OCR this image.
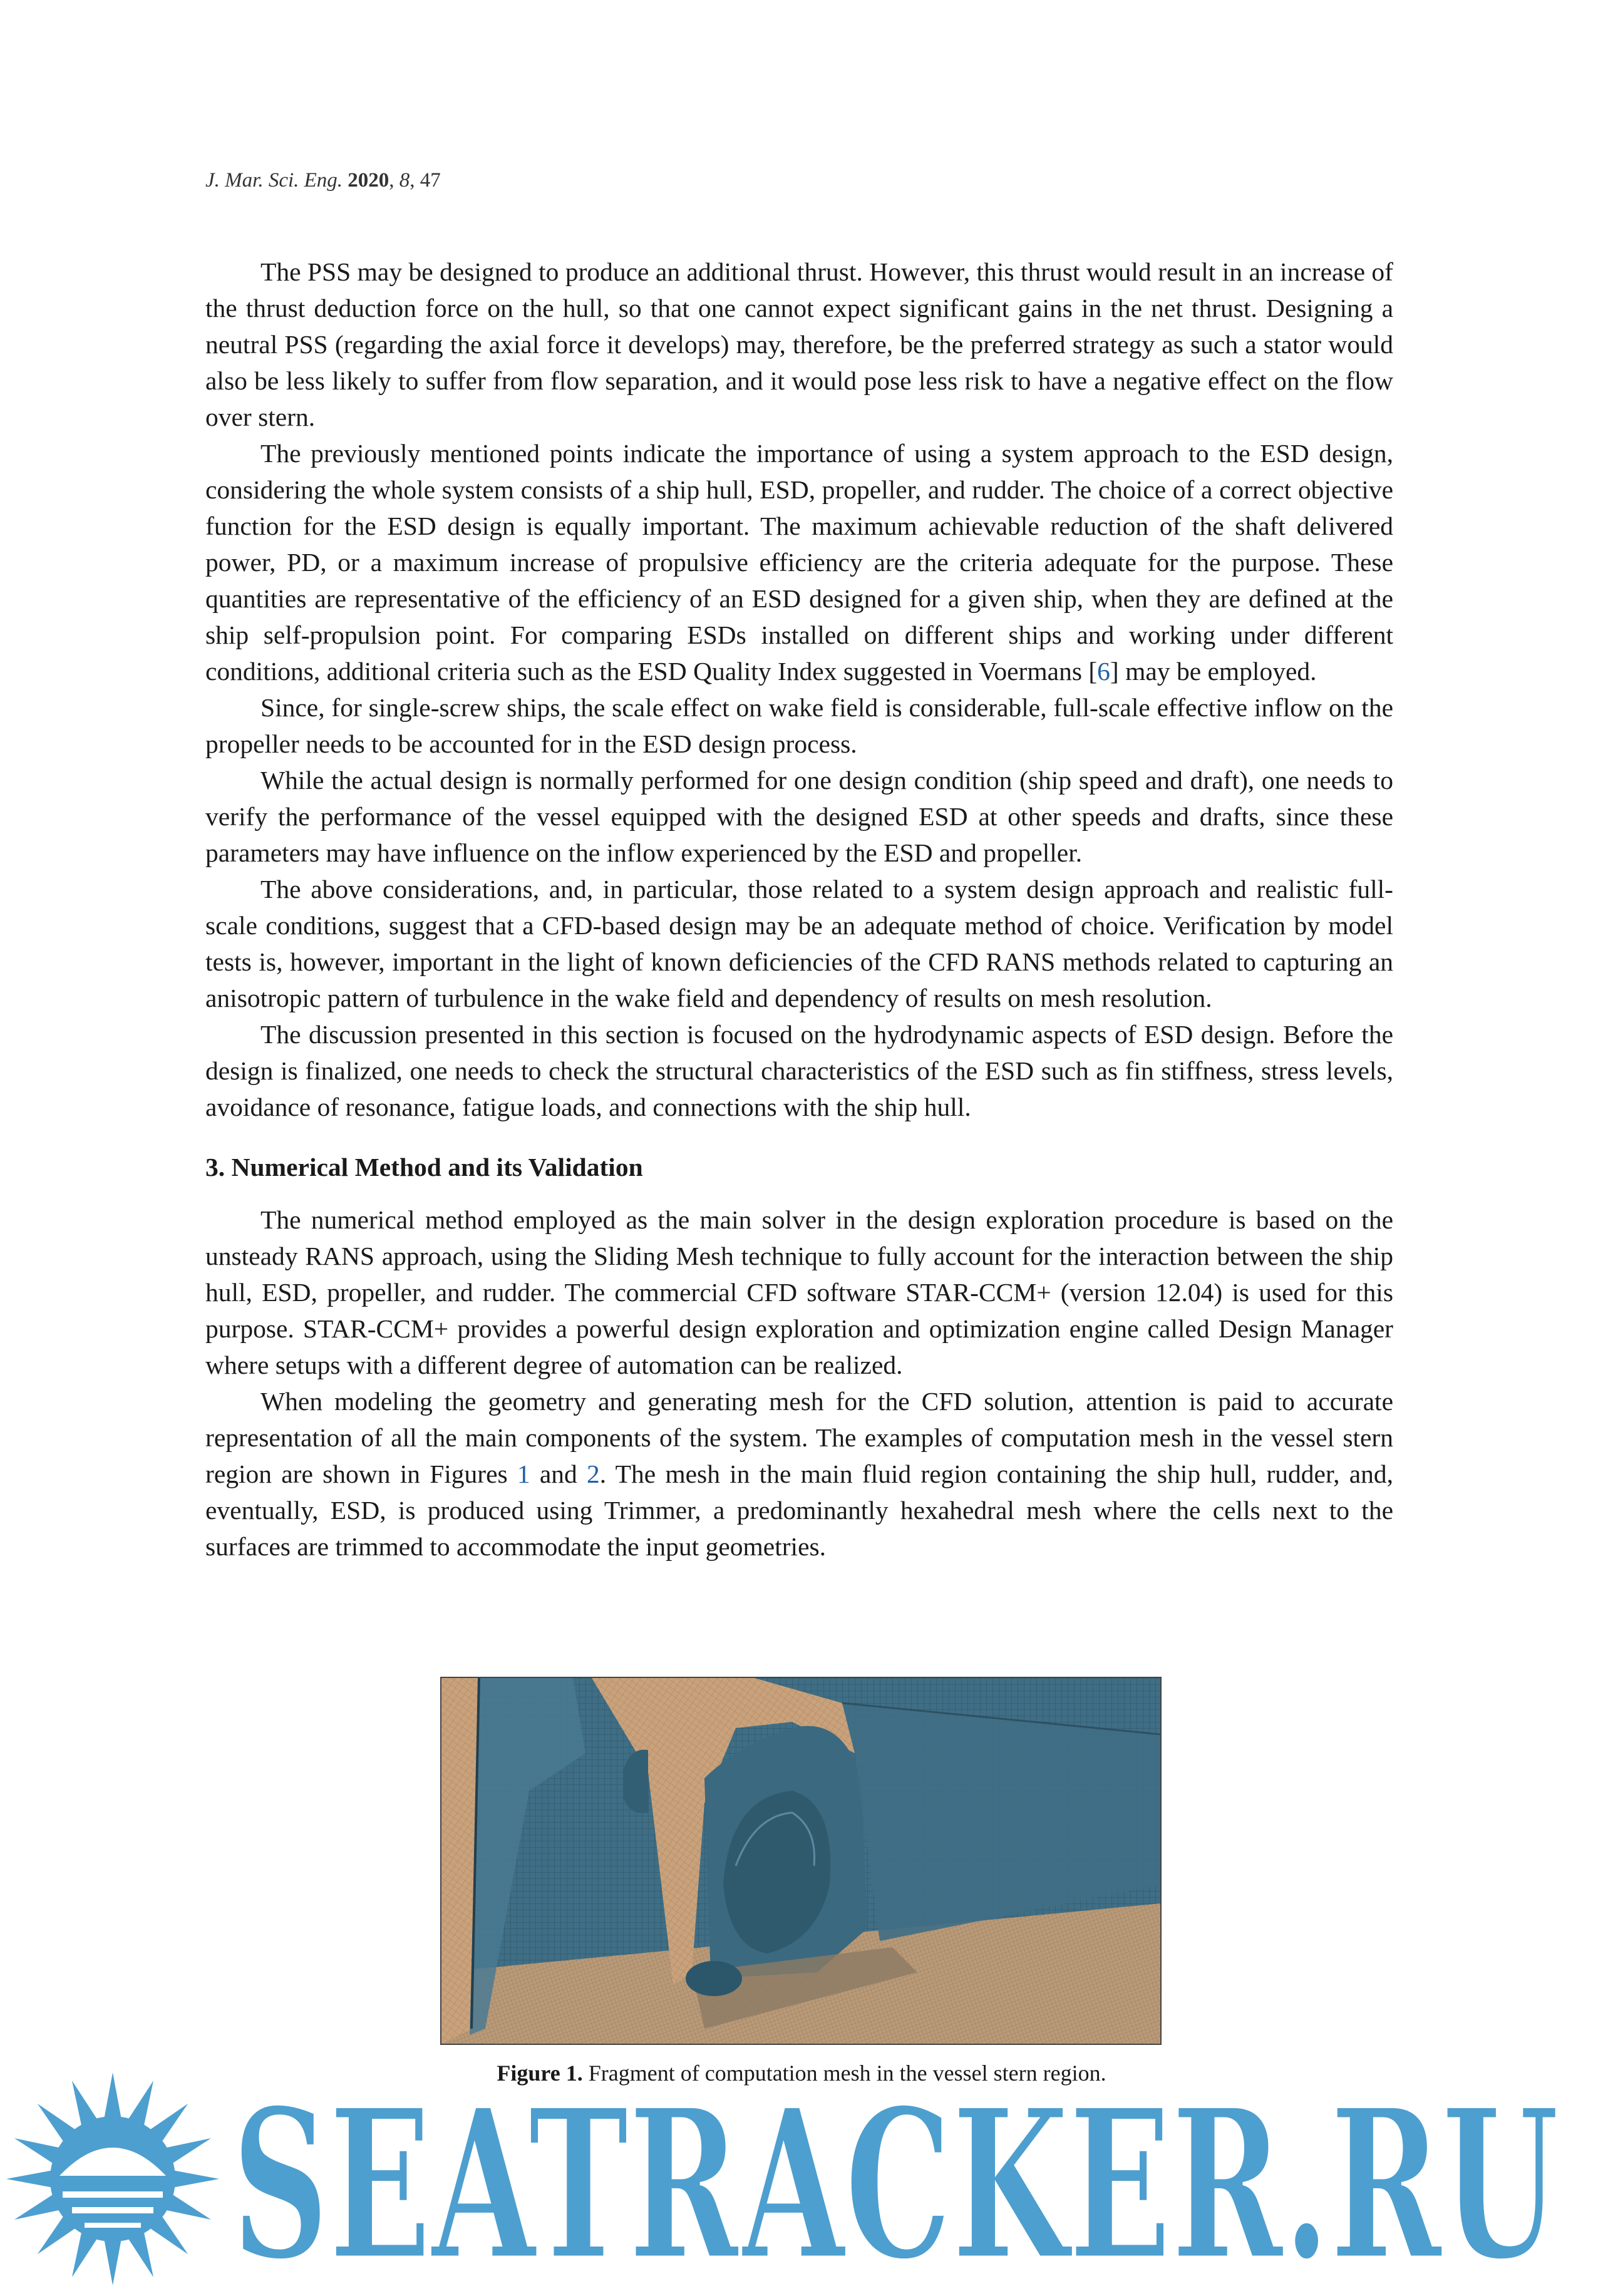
J. Mar. Sci. Eng. 2020, 8, 47

The PSS may be designed to produce an additional thrust. However, this thrust would result in an increase of the thrust deduction force on the hull, so that one cannot expect significant gains in the net thrust. Designing a neutral PSS (regarding the axial force it develops) may, therefore, be the preferred strategy as such a stator would also be less likely to suffer from flow separation, and it would pose less risk to have a negative effect on the flow over stern.

The previously mentioned points indicate the importance of using a system approach to the ESD design, considering the whole system consists of a ship hull, ESD, propeller, and rudder. The choice of a correct objective function for the ESD design is equally important. The maximum achievable reduction of the shaft delivered power, PD, or a maximum increase of propulsive efficiency are the criteria adequate for the purpose. These quantities are representative of the efficiency of an ESD designed for a given ship, when they are defined at the ship self-propulsion point. For comparing ESDs installed on different ships and working under different conditions, additional criteria such as the ESD Quality Index suggested in Voermans [6] may be employed.

Since, for single-screw ships, the scale effect on wake field is considerable, full-scale effective inflow on the propeller needs to be accounted for in the ESD design process.

While the actual design is normally performed for one design condition (ship speed and draft), one needs to verify the performance of the vessel equipped with the designed ESD at other speeds and drafts, since these parameters may have influence on the inflow experienced by the ESD and propeller.

The above considerations, and, in particular, those related to a system design approach and realistic full-scale conditions, suggest that a CFD-based design may be an adequate method of choice. Verification by model tests is, however, important in the light of known deficiencies of the CFD RANS methods related to capturing an anisotropic pattern of turbulence in the wake field and dependency of results on mesh resolution.

The discussion presented in this section is focused on the hydrodynamic aspects of ESD design. Before the design is finalized, one needs to check the structural characteristics of the ESD such as fin stiffness, stress levels, avoidance of resonance, fatigue loads, and connections with the ship hull.

3. Numerical Method and its Validation

The numerical method employed as the main solver in the design exploration procedure is based on the unsteady RANS approach, using the Sliding Mesh technique to fully account for the interaction between the ship hull, ESD, propeller, and rudder. The commercial CFD software STAR-CCM+ (version 12.04) is used for this purpose. STAR-CCM+ provides a powerful design exploration and optimization engine called Design Manager where setups with a different degree of automation can be realized.

When modeling the geometry and generating mesh for the CFD solution, attention is paid to accurate representation of all the main components of the system. The examples of computation mesh in the vessel stern region are shown in Figures 1 and 2. The mesh in the main fluid region containing the ship hull, rudder, and, eventually, ESD, is produced using Trimmer, a predominantly hexahedral mesh where the cells next to the surfaces are trimmed to accommodate the input geometries.

Figure 1. Fragment of computation mesh in the vessel stern region.
5
SEATRACKER.RU
